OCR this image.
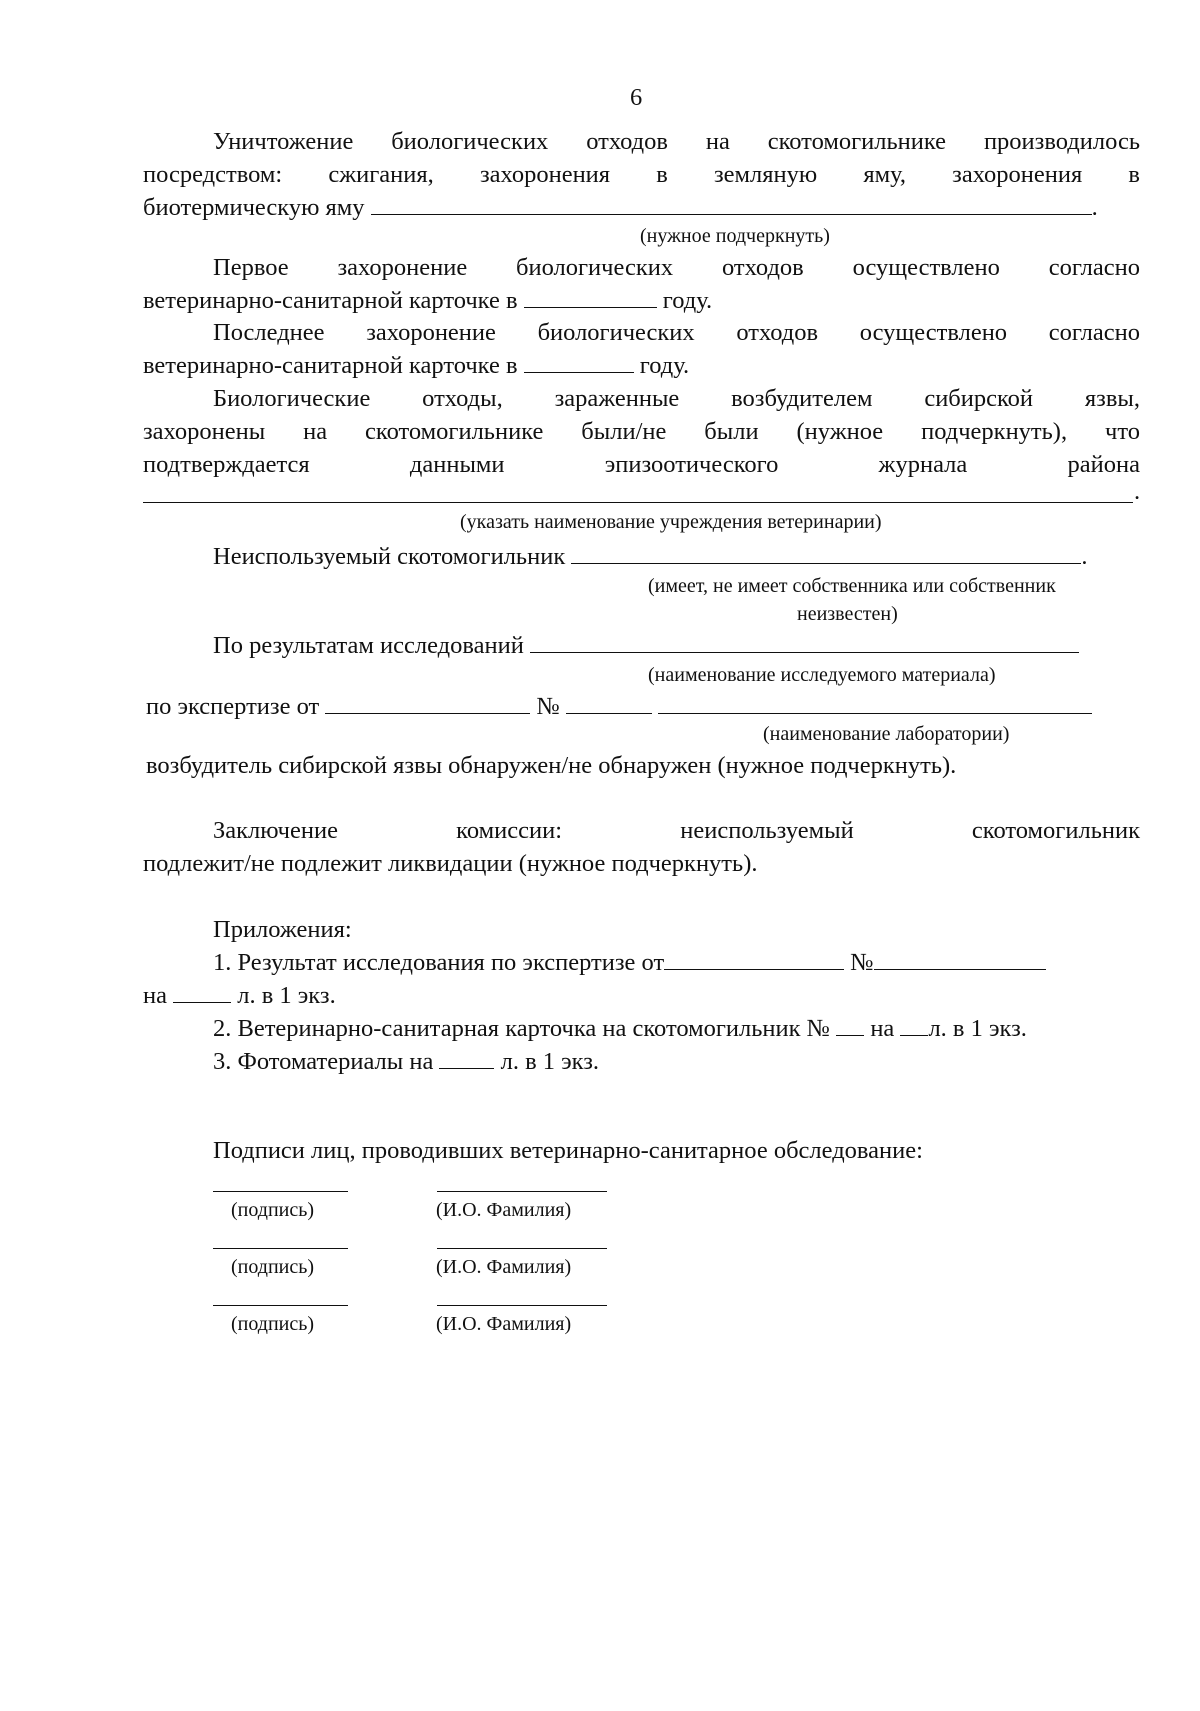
6
Уничтожение биологических отходов на скотомогильнике производилось
посредством: сжигания, захоронения в земляную яму, захоронения в
биотермическую яму	.
(нужное подчеркнуть)
Первое захоронение биологических отходов осуществлено согласно
ветеринарно-санитарной карточке в	году.
Последнее захоронение биологических отходов осуществлено согласно
ветеринарно-санитарной карточке в	году.
Биологические отходы, зараженные возбудителем сибирской язвы,
захоронены на скотомогильнике были/не были (нужное подчеркнуть), что
подтверждается данными эпизоотического журнала района
.
(указать наименование учреждения ветеринарии)
Неиспользуемый скотомогильник	.
(имеет, не имеет собственника или собственник
неизвестен)
По результатам исследований
(наименование исследуемого материала)
по экспертизе от	№
(наименование лаборатории)
возбудитель сибирской язвы обнаружен/не обнаружен (нужное подчеркнуть).
Заключение комиссии: неиспользуемый скотомогильник
подлежит/не подлежит ликвидации (нужное подчеркнуть).
Приложения:
1. Результат исследования по экспертизе от	№
на	л. в 1 экз.
2. Ветеринарно-санитарная карточка на скотомогильник № на л. в 1 экз.
3. Фотоматериалы на	л. в 1 экз.
Подписи лиц, проводивших ветеринарно-санитарное обследование:
(подпись)	(И.О. Фамилия)
(подпись)	(И.О. Фамилия)
(подпись)	(И.О. Фамилия)
